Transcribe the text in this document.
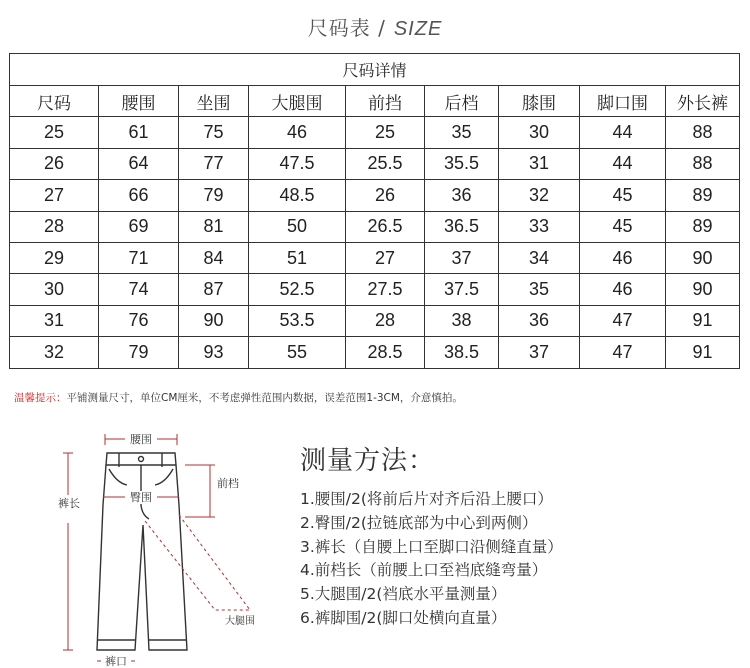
尺码表 / SIZE
尺码详情								
尺码	腰围	坐围	大腿围	前挡	后档	膝围	脚口围	外长裤
25	61	75	46	25	35	30	44	88
26	64	77	47.5	25.5	35.5	31	44	88
27	66	79	48.5	26	36	32	45	89
28	69	81	50	26.5	36.5	33	45	89
29	71	84	51	27	37	34	46	90
30	74	87	52.5	27.5	37.5	35	46	90
31	76	90	53.5	28	38	36	47	91
32	79	93	55	28.5	38.5	37	47	91
温馨提示：平铺测量尺寸，单位CM厘米，不考虑弹性范围内数据，误差范围1-3CM，介意慎拍。
腰围
臀围
裤长
前档
大腿围
裤口
测量方法：
1.腰围/2(将前后片对齐后沿上腰口）
2.臀围/2(拉链底部为中心到两侧）
3.裤长（自腰上口至脚口沿侧缝直量）
4.前档长（前腰上口至裆底缝弯量）
5.大腿围/2(裆底水平量测量）
6.裤脚围/2(脚口处横向直量）
